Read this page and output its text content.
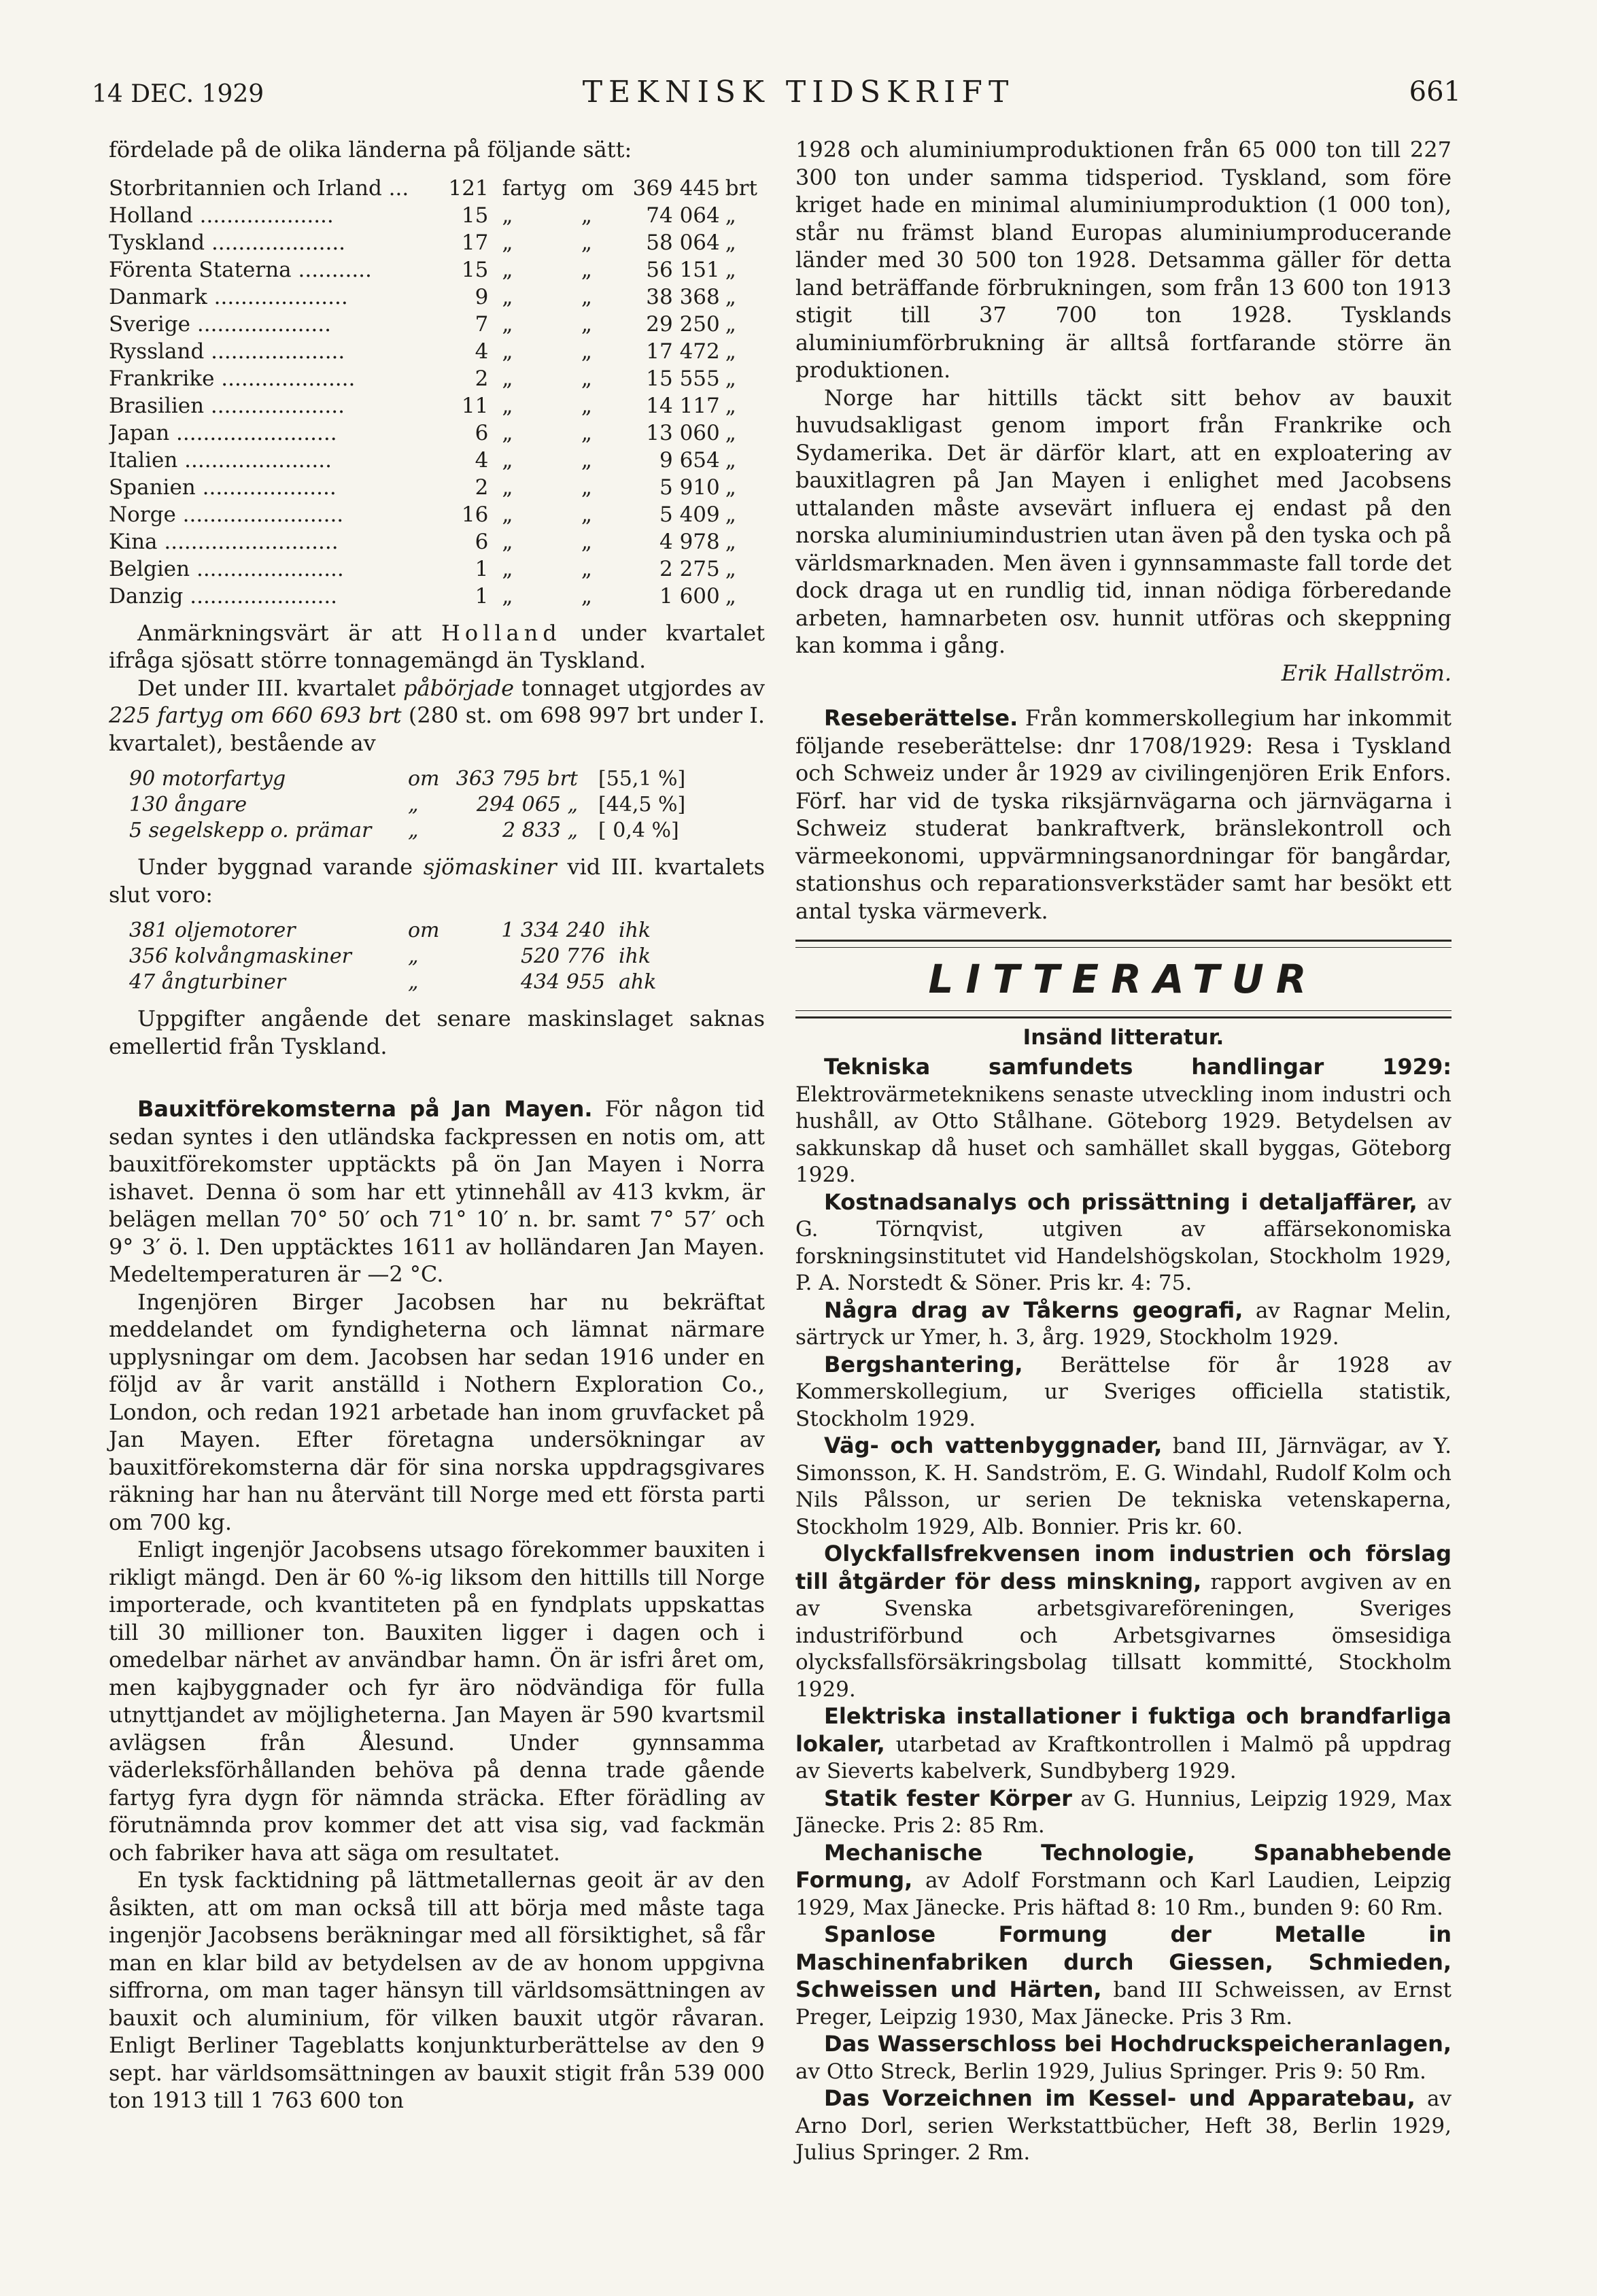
14 DEC. 1929	TEKNISK TIDSKRIFT	661

fördelade på de olika länderna på följande sätt:

Storbritannien och Irland ...	121 fartyg om 369 445 brt
Holland ....................	15 „	„	74 064 „
Tyskland ....................	17 „	„	58 064 „
Förenta Staterna ...........	15 „	„	56 151 „
Danmark ....................	9 „	„	38 368 „
Sverige ....................	7 „	„	29 250 „
Ryssland ....................	4 „	„	17 472 „
Frankrike ....................	2 „	„	15 555 „
Brasilien ....................	11 „	„	14 117 „
Japan ........................	6 „	„	13 060 „
Italien ......................	4 „	„	9 654 „
Spanien ....................	2 „	„	5 910 „
Norge ........................	16 „	„	5 409 „
Kina ..........................	6 „	„	4 978 „
Belgien ......................	1 „	„	2 275 „
Danzig ......................	1 „	„	1 600 „

Anmärkningsvärt är att Holland under kvartalet ifråga sjösatt större tonnagemängd än Tyskland.

Det under III. kvartalet påbörjade tonnaget utgjordes av 225 fartyg om 660 693 brt (280 st. om 698 997 brt under I. kvartalet), bestående av

90 motorfartyg	om 363 795 brt	[55,1 %]
130 ångare	„	294 065 „	[44,5 %]
5 segelskepp o. prämar	„	2 833 „	[ 0,4 %]

Under byggnad varande sjömaskiner vid III. kvartalets slut voro:

381 oljemotorer	om	1 334 240 ihk
356 kolvångmaskiner	„	520 776 ihk
47 ångturbiner	„	434 955 ahk

Uppgifter angående det senare maskinslaget saknas emellertid från Tyskland.

Bauxitförekomsterna på Jan Mayen. För någon tid sedan syntes i den utländska fackpressen en notis om, att bauxitförekomster upptäckts på ön Jan Mayen i Norra ishavet. Denna ö som har ett ytinnehåll av 413 kvkm, är belägen mellan 70° 50′ och 71° 10′ n. br. samt 7° 57′ och 9° 3′ ö. l. Den upptäcktes 1611 av holländaren Jan Mayen. Medeltemperaturen är —2 °C.

Ingenjören Birger Jacobsen har nu bekräftat meddelandet om fyndigheterna och lämnat närmare upplysningar om dem. Jacobsen har sedan 1916 under en följd av år varit anställd i Nothern Exploration Co., London, och redan 1921 arbetade han inom gruvfacket på Jan Mayen. Efter företagna undersökningar av bauxitförekomsterna där för sina norska uppdragsgivares räkning har han nu återvänt till Norge med ett första parti om 700 kg.

Enligt ingenjör Jacobsens utsago förekommer bauxiten i rikligt mängd. Den är 60 %-ig liksom den hittills till Norge importerade, och kvantiteten på en fyndplats uppskattas till 30 millioner ton. Bauxiten ligger i dagen och i omedelbar närhet av användbar hamn. Ön är isfri året om, men kajbyggnader och fyr äro nödvändiga för fulla utnyttjandet av möjligheterna. Jan Mayen är 590 kvartsmil avlägsen från Ålesund. Under gynnsamma väderleksförhållanden behöva på denna trade gående fartyg fyra dygn för nämnda sträcka. Efter förädling av förutnämnda prov kommer det att visa sig, vad fackmän och fabriker hava att säga om resultatet.

En tysk facktidning på lättmetallernas geoit är av den åsikten, att om man också till att börja med måste taga ingenjör Jacobsens beräkningar med all försiktighet, så får man en klar bild av betydelsen av de av honom uppgivna siffrorna, om man tager hänsyn till världsomsättningen av bauxit och aluminium, för vilken bauxit utgör råvaran. Enligt Berliner Tageblatts konjunkturberättelse av den 9 sept. har världsomsättningen av bauxit stigit från 539 000 ton 1913 till 1 763 600 ton

1928 och aluminiumproduktionen från 65 000 ton till 227 300 ton under samma tidsperiod. Tyskland, som före kriget hade en minimal aluminiumproduktion (1 000 ton), står nu främst bland Europas aluminiumproducerande länder med 30 500 ton 1928. Detsamma gäller för detta land beträffande förbrukningen, som från 13 600 ton 1913 stigit till 37 700 ton 1928. Tysklands aluminiumförbrukning är alltså fortfarande större än produktionen.

Norge har hittills täckt sitt behov av bauxit huvudsakligast genom import från Frankrike och Sydamerika. Det är därför klart, att en exploatering av bauxitlagren på Jan Mayen i enlighet med Jacobsens uttalanden måste avsevärt influera ej endast på den norska aluminiumindustrien utan även på den tyska och på världsmarknaden. Men även i gynnsammaste fall torde det dock draga ut en rundlig tid, innan nödiga förberedande arbeten, hamnarbeten osv. hunnit utföras och skeppning kan komma i gång.

Erik Hallström.

Reseberättelse. Från kommerskollegium har inkommit följande reseberättelse: dnr 1708/1929: Resa i Tyskland och Schweiz under år 1929 av civilingenjören Erik Enfors. Förf. har vid de tyska riksjärnvägarna och järnvägarna i Schweiz studerat bankraftverk, bränslekontroll och värmeekonomi, uppvärmningsanordningar för bangårdar, stationshus och reparationsverkstäder samt har besökt ett antal tyska värmeverk.

LITTERATUR
Insänd litteratur.

Tekniska samfundets handlingar 1929: Elektrovärmeteknikens senaste utveckling inom industri och hushåll, av Otto Stålhane. Göteborg 1929. Betydelsen av sakkunskap då huset och samhället skall byggas, Göteborg 1929.

Kostnadsanalys och prissättning i detaljaffärer, av G. Törnqvist, utgiven av affärsekonomiska forskningsinstitutet vid Handelshögskolan, Stockholm 1929, P. A. Norstedt & Söner. Pris kr. 4: 75.

Några drag av Tåkerns geografi, av Ragnar Melin, särtryck ur Ymer, h. 3, årg. 1929, Stockholm 1929.

Bergshantering, Berättelse för år 1928 av Kommerskollegium, ur Sveriges officiella statistik, Stockholm 1929.

Väg- och vattenbyggnader, band III, Järnvägar, av Y. Simonsson, K. H. Sandström, E. G. Windahl, Rudolf Kolm och Nils Pålsson, ur serien De tekniska vetenskaperna, Stockholm 1929, Alb. Bonnier. Pris kr. 60.

Olyckfallsfrekvensen inom industrien och förslag till åtgärder för dess minskning, rapport avgiven av en av Svenska arbetsgivareföreningen, Sveriges industriförbund och Arbetsgivarnes ömsesidiga olycksfallsförsäkringsbolag tillsatt kommitté, Stockholm 1929.

Elektriska installationer i fuktiga och brandfarliga lokaler, utarbetad av Kraftkontrollen i Malmö på uppdrag av Sieverts kabelverk, Sundbyberg 1929.

Statik fester Körper av G. Hunnius, Leipzig 1929, Max Jänecke. Pris 2: 85 Rm.

Mechanische Technologie, Spanabhebende Formung, av Adolf Forstmann och Karl Laudien, Leipzig 1929, Max Jänecke. Pris häftad 8: 10 Rm., bunden 9: 60 Rm.

Spanlose Formung der Metalle in Maschinenfabriken durch Giessen, Schmieden, Schweissen und Härten, band III Schweissen, av Ernst Preger, Leipzig 1930, Max Jänecke. Pris 3 Rm.

Das Wasserschloss bei Hochdruckspeicheranlagen, av Otto Streck, Berlin 1929, Julius Springer. Pris 9: 50 Rm.

Das Vorzeichnen im Kessel- und Apparatebau, av Arno Dorl, serien Werkstattbücher, Heft 38, Berlin 1929, Julius Springer. 2 Rm.
